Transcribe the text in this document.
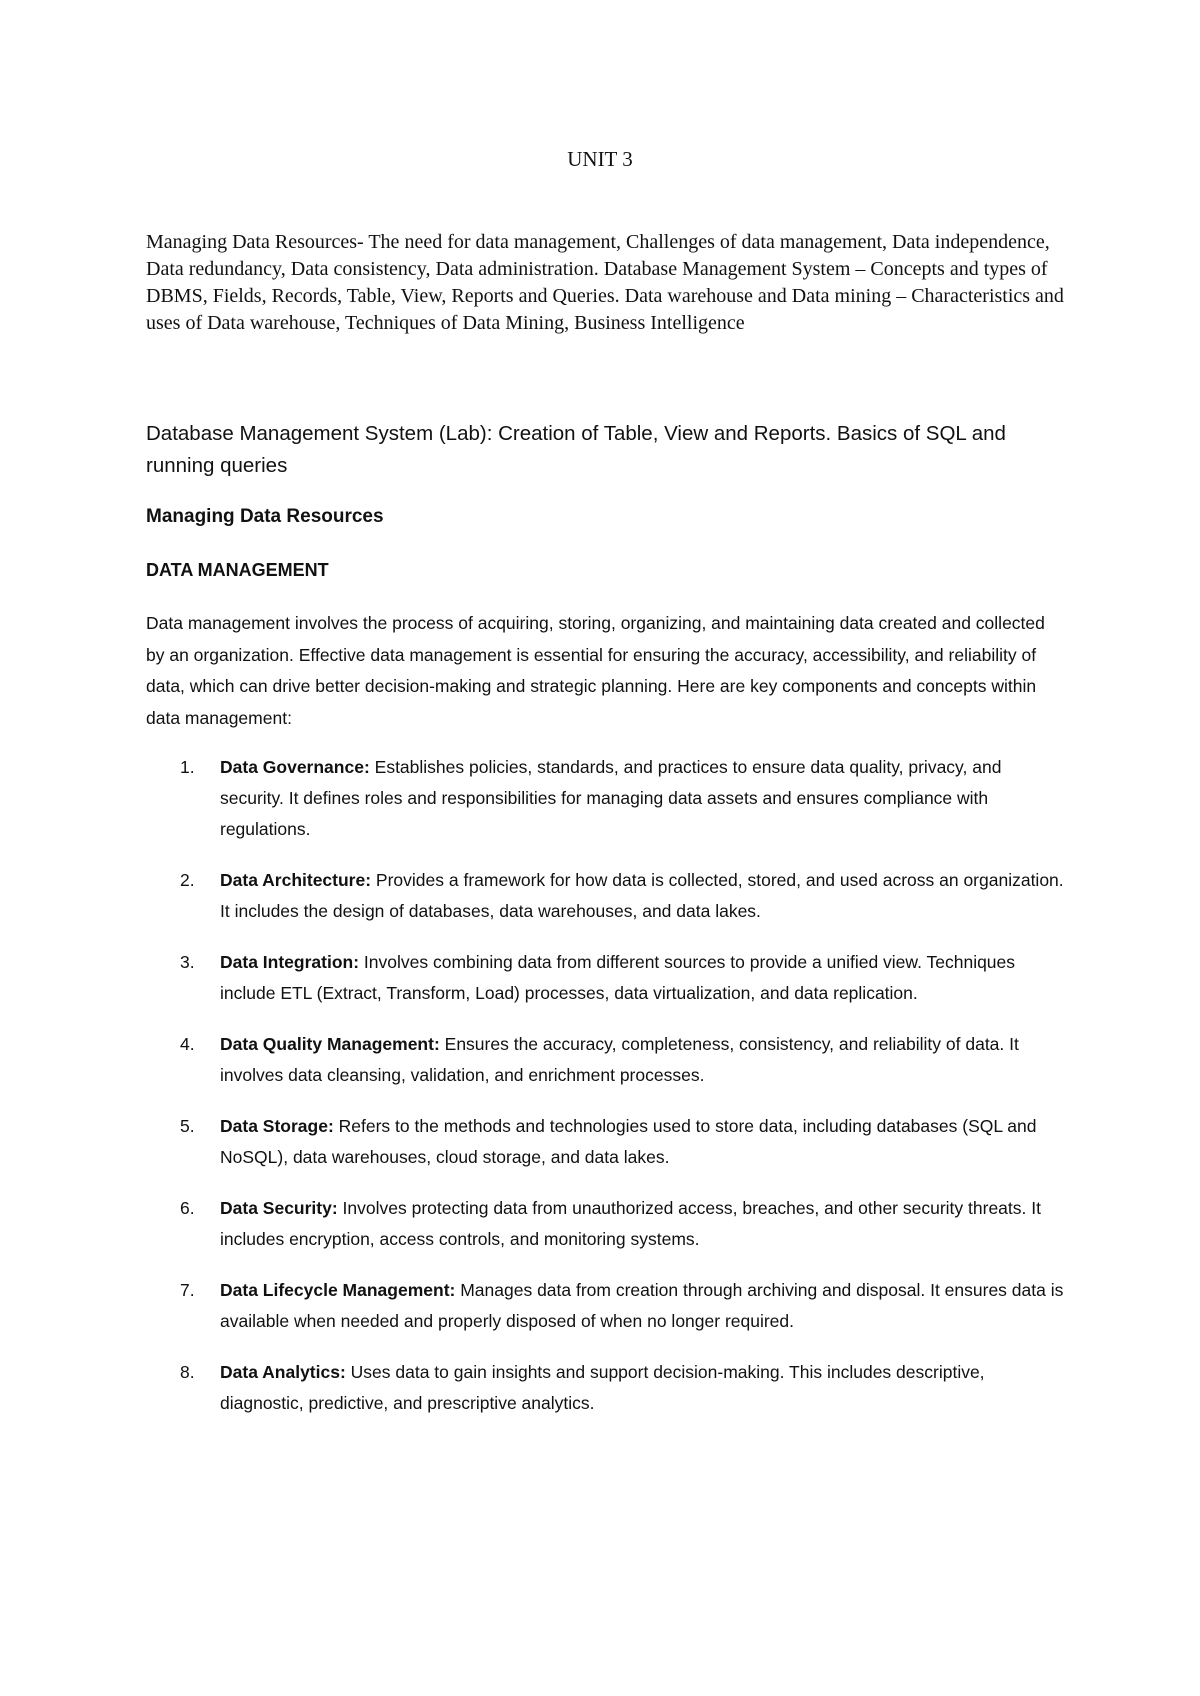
UNIT 3

Managing Data Resources- The need for data management, Challenges of data management, Data independence, Data redundancy, Data consistency, Data administration. Database Management System – Concepts and types of DBMS, Fields, Records, Table, View, Reports and Queries. Data warehouse and Data mining – Characteristics and uses of Data warehouse, Techniques of Data Mining, Business Intelligence

Database Management System (Lab): Creation of Table, View and Reports. Basics of SQL and running queries

Managing Data Resources
DATA MANAGEMENT

Data management involves the process of acquiring, storing, organizing, and maintaining data created and collected by an organization. Effective data management is essential for ensuring the accuracy, accessibility, and reliability of data, which can drive better decision-making and strategic planning. Here are key components and concepts within data management:

1. Data Governance: Establishes policies, standards, and practices to ensure data quality, privacy, and security. It defines roles and responsibilities for managing data assets and ensures compliance with regulations.
2. Data Architecture: Provides a framework for how data is collected, stored, and used across an organization. It includes the design of databases, data warehouses, and data lakes.
3. Data Integration: Involves combining data from different sources to provide a unified view. Techniques include ETL (Extract, Transform, Load) processes, data virtualization, and data replication.
4. Data Quality Management: Ensures the accuracy, completeness, consistency, and reliability of data. It involves data cleansing, validation, and enrichment processes.
5. Data Storage: Refers to the methods and technologies used to store data, including databases (SQL and NoSQL), data warehouses, cloud storage, and data lakes.
6. Data Security: Involves protecting data from unauthorized access, breaches, and other security threats. It includes encryption, access controls, and monitoring systems.
7. Data Lifecycle Management: Manages data from creation through archiving and disposal. It ensures data is available when needed and properly disposed of when no longer required.
8. Data Analytics: Uses data to gain insights and support decision-making. This includes descriptive, diagnostic, predictive, and prescriptive analytics.
